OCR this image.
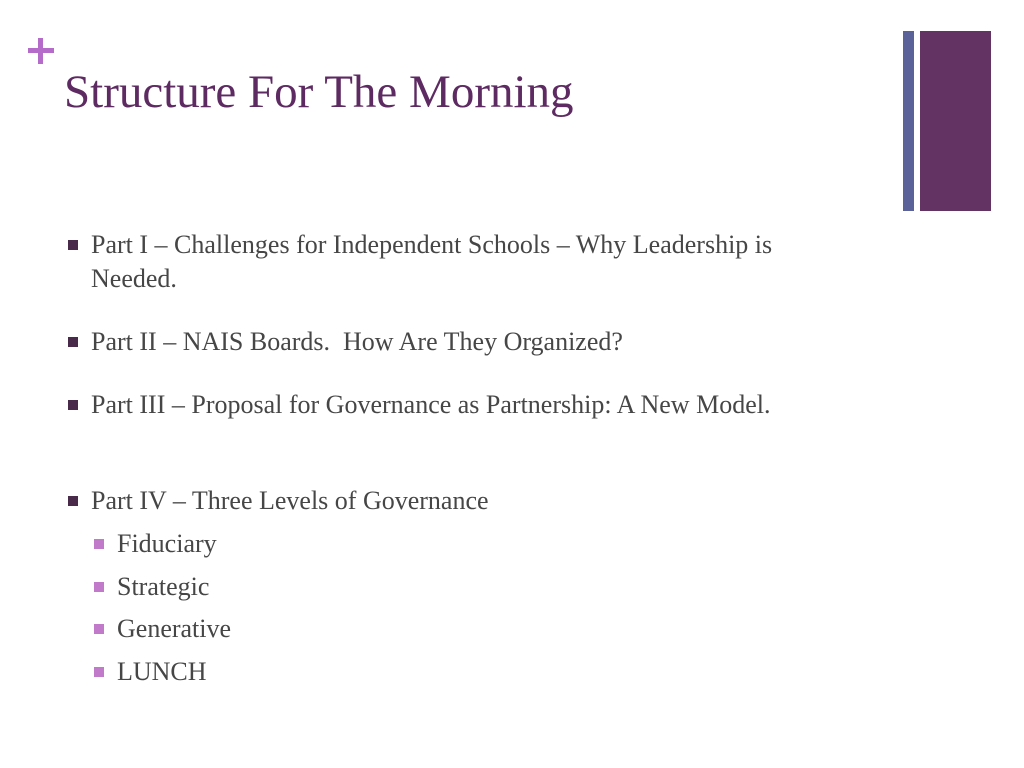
Structure For The Morning
Part I – Challenges for Independent Schools – Why Leadership is Needed.
Part II – NAIS Boards.  How Are They Organized?
Part III – Proposal for Governance as Partnership: A New Model.
Part IV – Three Levels of Governance
Fiduciary
Strategic
Generative
LUNCH
